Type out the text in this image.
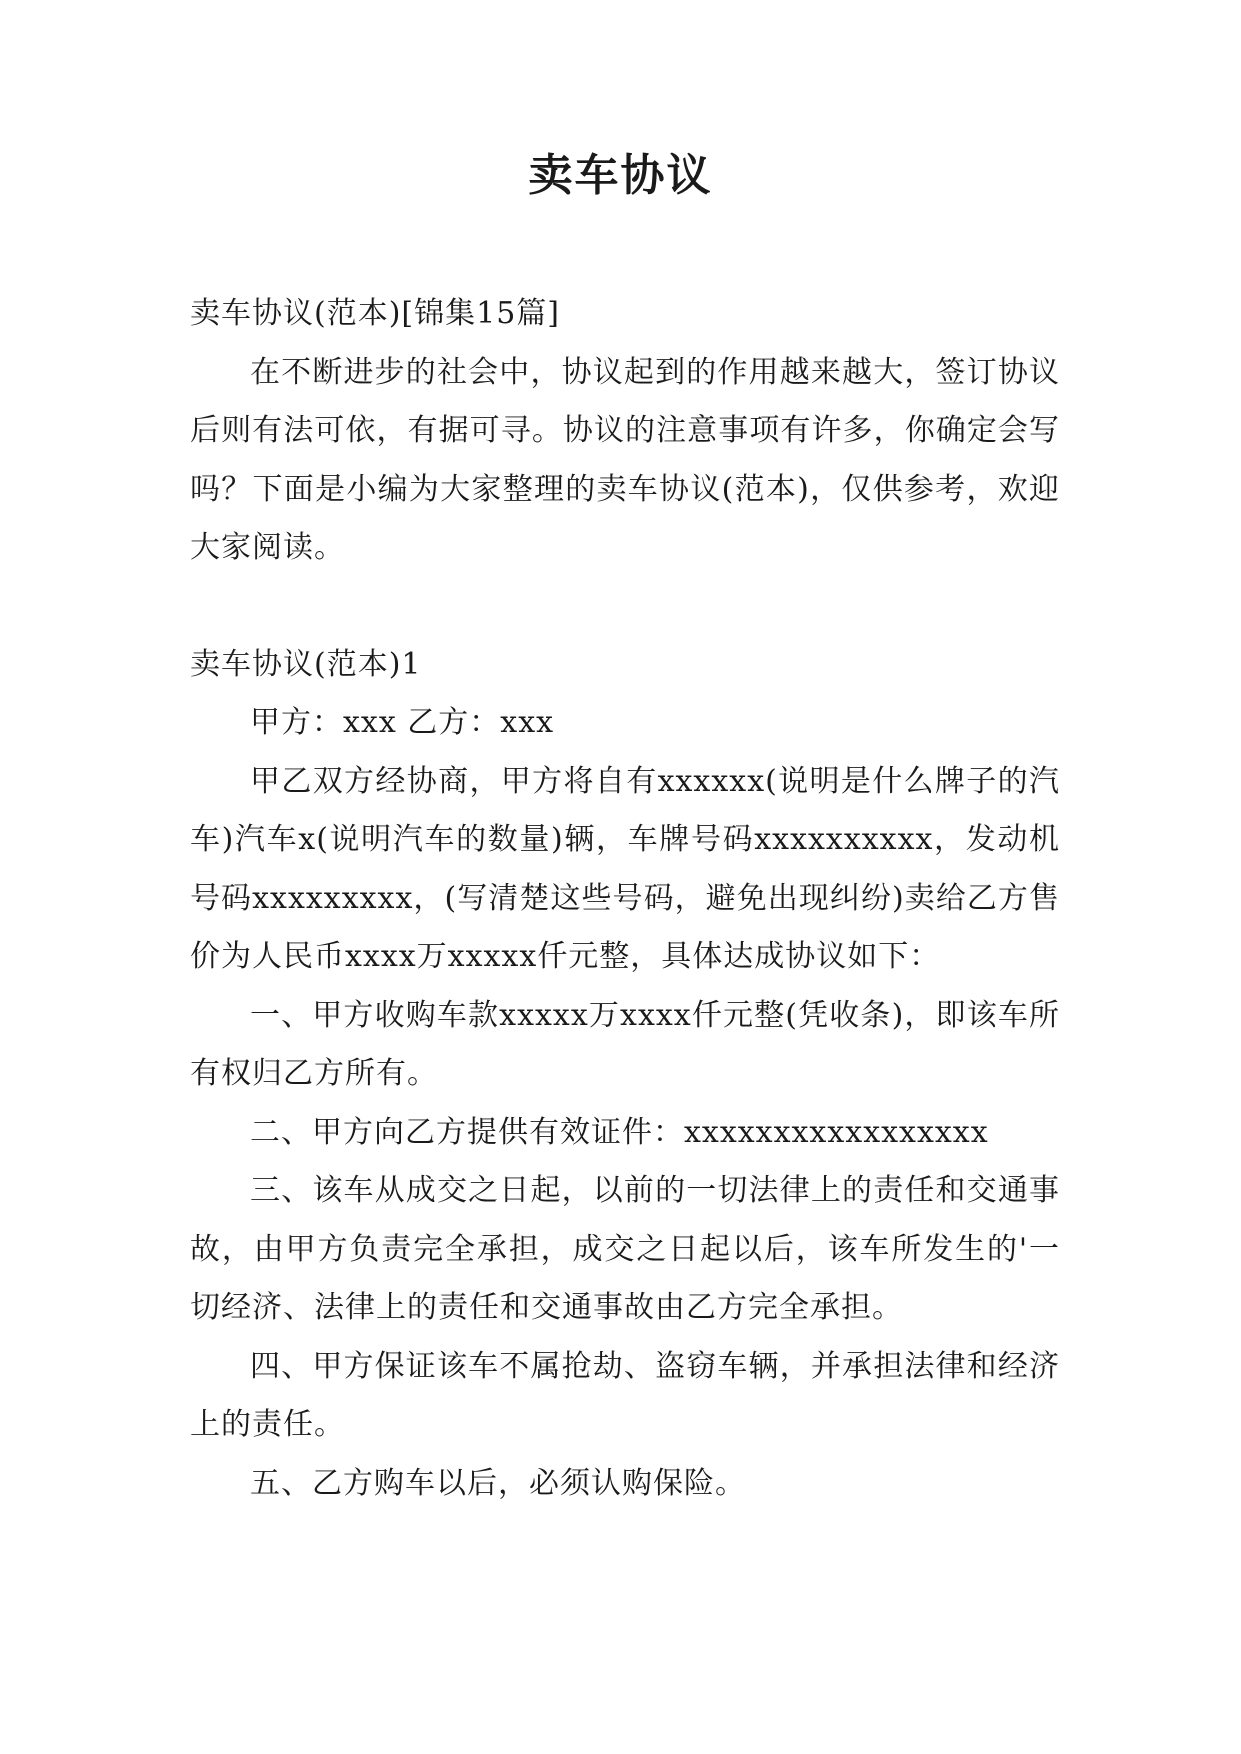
卖车协议

卖车协议(范本)[锦集15篇]

在不断进步的社会中，协议起到的作用越来越大，签订协议后则有法可依，有据可寻。协议的注意事项有许多，你确定会写吗？下面是小编为大家整理的卖车协议(范本)，仅供参考，欢迎大家阅读。

卖车协议(范本)1

甲方：xxx 乙方：xxx

甲乙双方经协商，甲方将自有xxxxxx(说明是什么牌子的汽车)汽车x(说明汽车的数量)辆，车牌号码xxxxxxxxxx，发动机号码xxxxxxxxx，(写清楚这些号码，避免出现纠纷)卖给乙方售价为人民币xxxx万xxxxx仟元整，具体达成协议如下：

一、甲方收购车款xxxxx万xxxx仟元整(凭收条)，即该车所有权归乙方所有。

二、甲方向乙方提供有效证件：xxxxxxxxxxxxxxxxx

三、该车从成交之日起，以前的一切法律上的责任和交通事故，由甲方负责完全承担，成交之日起以后，该车所发生的'一切经济、法律上的责任和交通事故由乙方完全承担。

四、甲方保证该车不属抢劫、盗窃车辆，并承担法律和经济上的责任。

五、乙方购车以后，必须认购保险。
